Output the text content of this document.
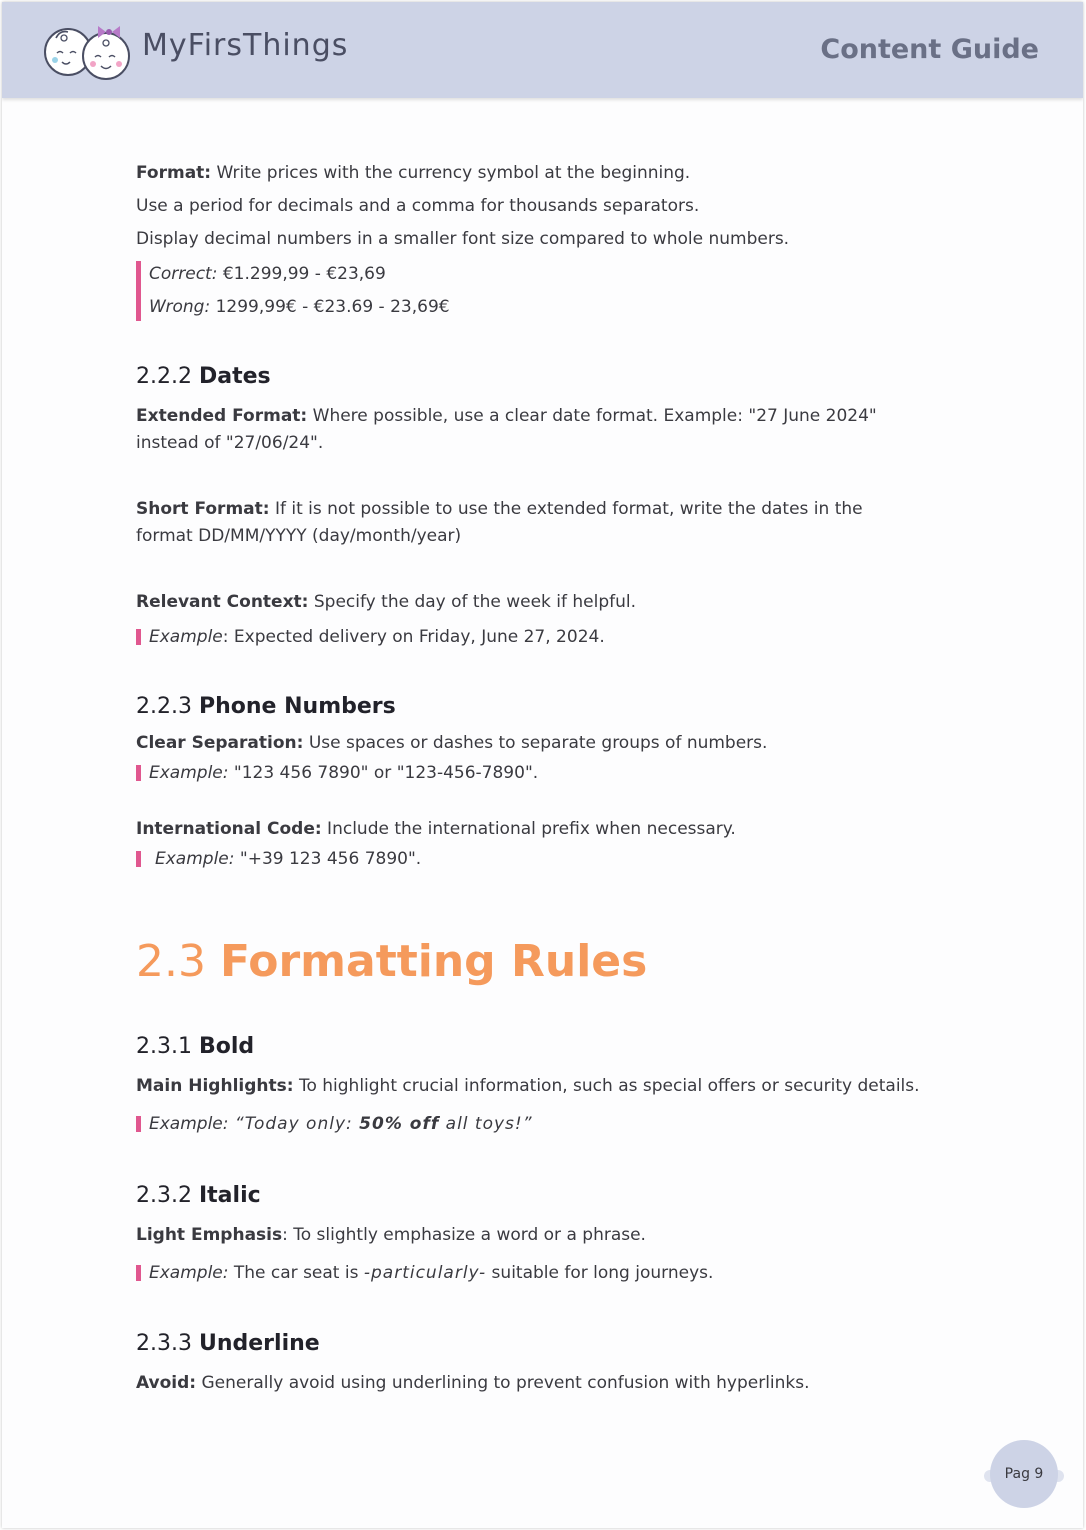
MyFirsThings	Content Guide
Format: Write prices with the currency symbol at the beginning.
Use a period for decimals and a comma for thousands separators.
Display decimal numbers in a smaller font size compared to whole numbers.
Correct: €1.299,99 - €23,69
Wrong: 1299,99€ - €23.69 - 23,69€
2.2.2 Dates
Extended Format: Where possible, use a clear date format. Example: "27 June 2024"
instead of "27/06/24".
Short Format: If it is not possible to use the extended format, write the dates in the
format DD/MM/YYYY (day/month/year)
Relevant Context: Specify the day of the week if helpful.
Example: Expected delivery on Friday, June 27, 2024.
2.2.3 Phone Numbers
Clear Separation: Use spaces or dashes to separate groups of numbers.
Example: "123 456 7890" or "123-456-7890".
International Code: Include the international prefix when necessary.
Example: "+39 123 456 7890".
2.3 Formatting Rules
2.3.1 Bold
Main Highlights: To highlight crucial information, such as special offers or security details.
Example: “Today only: 50% off all toys!”
2.3.2 Italic
Light Emphasis: To slightly emphasize a word or a phrase.
Example: The car seat is -particularly- suitable for long journeys.
2.3.3 Underline
Avoid: Generally avoid using underlining to prevent confusion with hyperlinks.
Pag 9
